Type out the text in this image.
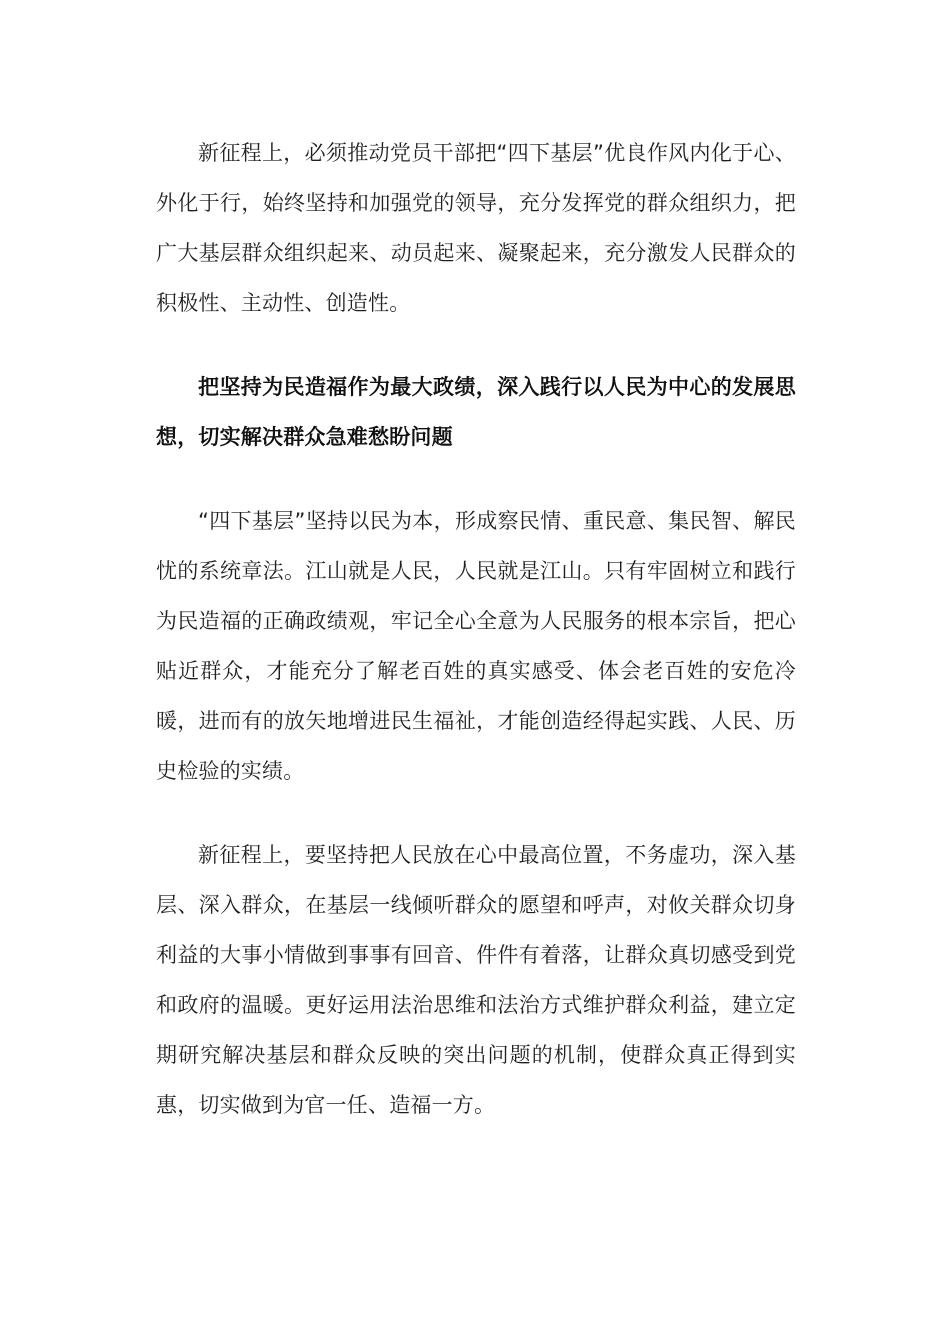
新征程上，必须推动党员干部把“四下基层”优良作风内化于心、外化于行，始终坚持和加强党的领导，充分发挥党的群众组织力，把广大基层群众组织起来、动员起来、凝聚起来，充分激发人民群众的积极性、主动性、创造性。

把坚持为民造福作为最大政绩，深入践行以人民为中心的发展思想，切实解决群众急难愁盼问题

“四下基层”坚持以民为本，形成察民情、重民意、集民智、解民忧的系统章法。江山就是人民，人民就是江山。只有牢固树立和践行为民造福的正确政绩观，牢记全心全意为人民服务的根本宗旨，把心贴近群众，才能充分了解老百姓的真实感受、体会老百姓的安危冷暖，进而有的放矢地增进民生福祉，才能创造经得起实践、人民、历史检验的实绩。

新征程上，要坚持把人民放在心中最高位置，不务虚功，深入基层、深入群众，在基层一线倾听群众的愿望和呼声，对攸关群众切身利益的大事小情做到事事有回音、件件有着落，让群众真切感受到党和政府的温暖。更好运用法治思维和法治方式维护群众利益，建立定期研究解决基层和群众反映的突出问题的机制，使群众真正得到实惠，切实做到为官一任、造福一方。
